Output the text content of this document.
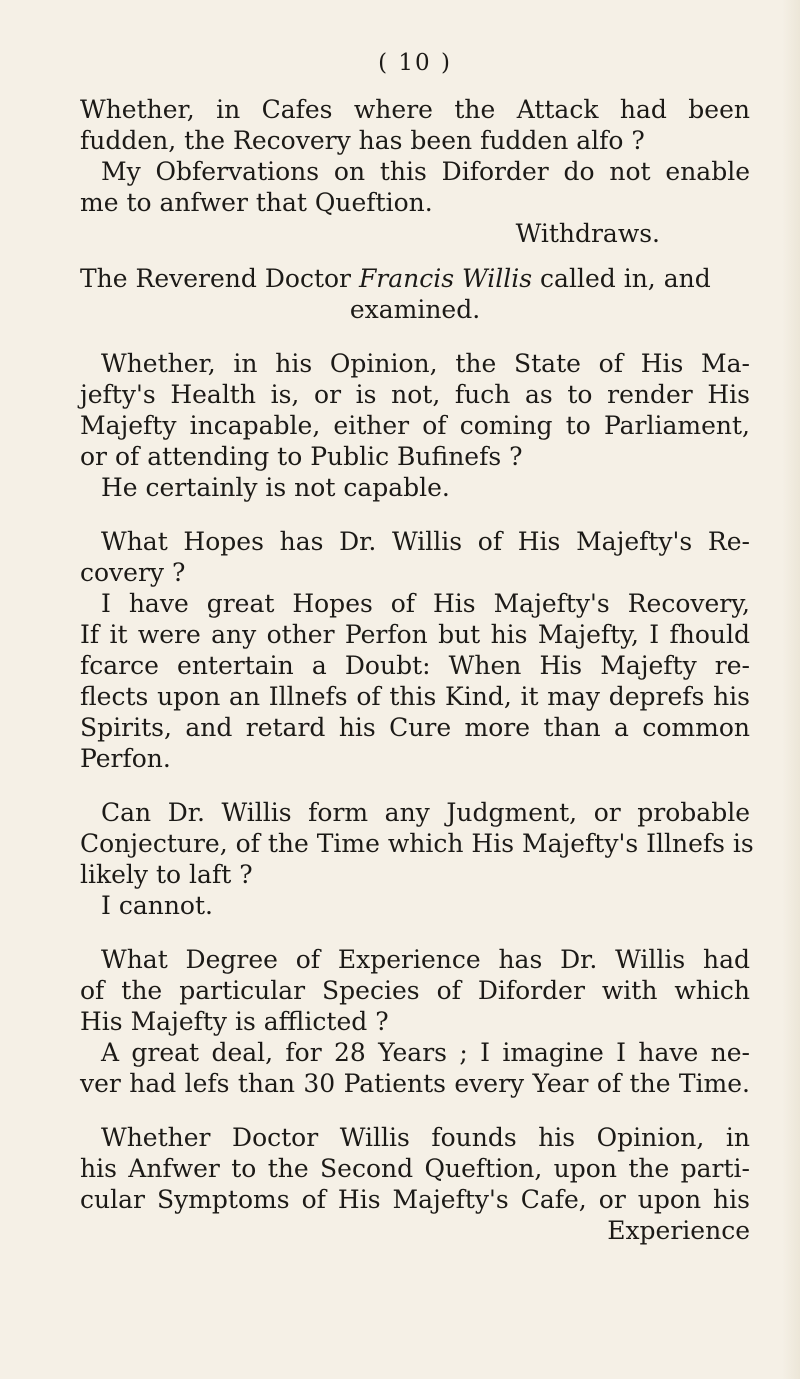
( 10 )
Whether, in Cafes where the Attack had been
fudden, the Recovery has been fudden alfo ?
My Obfervations on this Diforder do not enable
me to anfwer that Queftion.
Withdraws.
The Reverend Doctor Francis Willis called in, and
examined.
Whether, in his Opinion, the State of His Ma-
jefty's Health is, or is not, fuch as to render His
Majefty incapable, either of coming to Parliament,
or of attending to Public Bufinefs ?
He certainly is not capable.
What Hopes has Dr. Willis of His Majefty's Re-
covery ?
I have great Hopes of His Majefty's Recovery,
If it were any other Perfon but his Majefty, I fhould
fcarce entertain a Doubt: When His Majefty re-
flects upon an Illnefs of this Kind, it may deprefs his
Spirits, and retard his Cure more than a common
Perfon.
Can Dr. Willis form any Judgment, or probable
Conjecture, of the Time which His Majefty's Illnefs is
likely to laft ?
I cannot.
What Degree of Experience has Dr. Willis had
of the particular Species of Diforder with which
His Majefty is afflicted ?
A great deal, for 28 Years ; I imagine I have ne-
ver had lefs than 30 Patients every Year of the Time.
Whether Doctor Willis founds his Opinion, in
his Anfwer to the Second Queftion, upon the parti-
cular Symptoms of His Majefty's Cafe, or upon his
Experience
